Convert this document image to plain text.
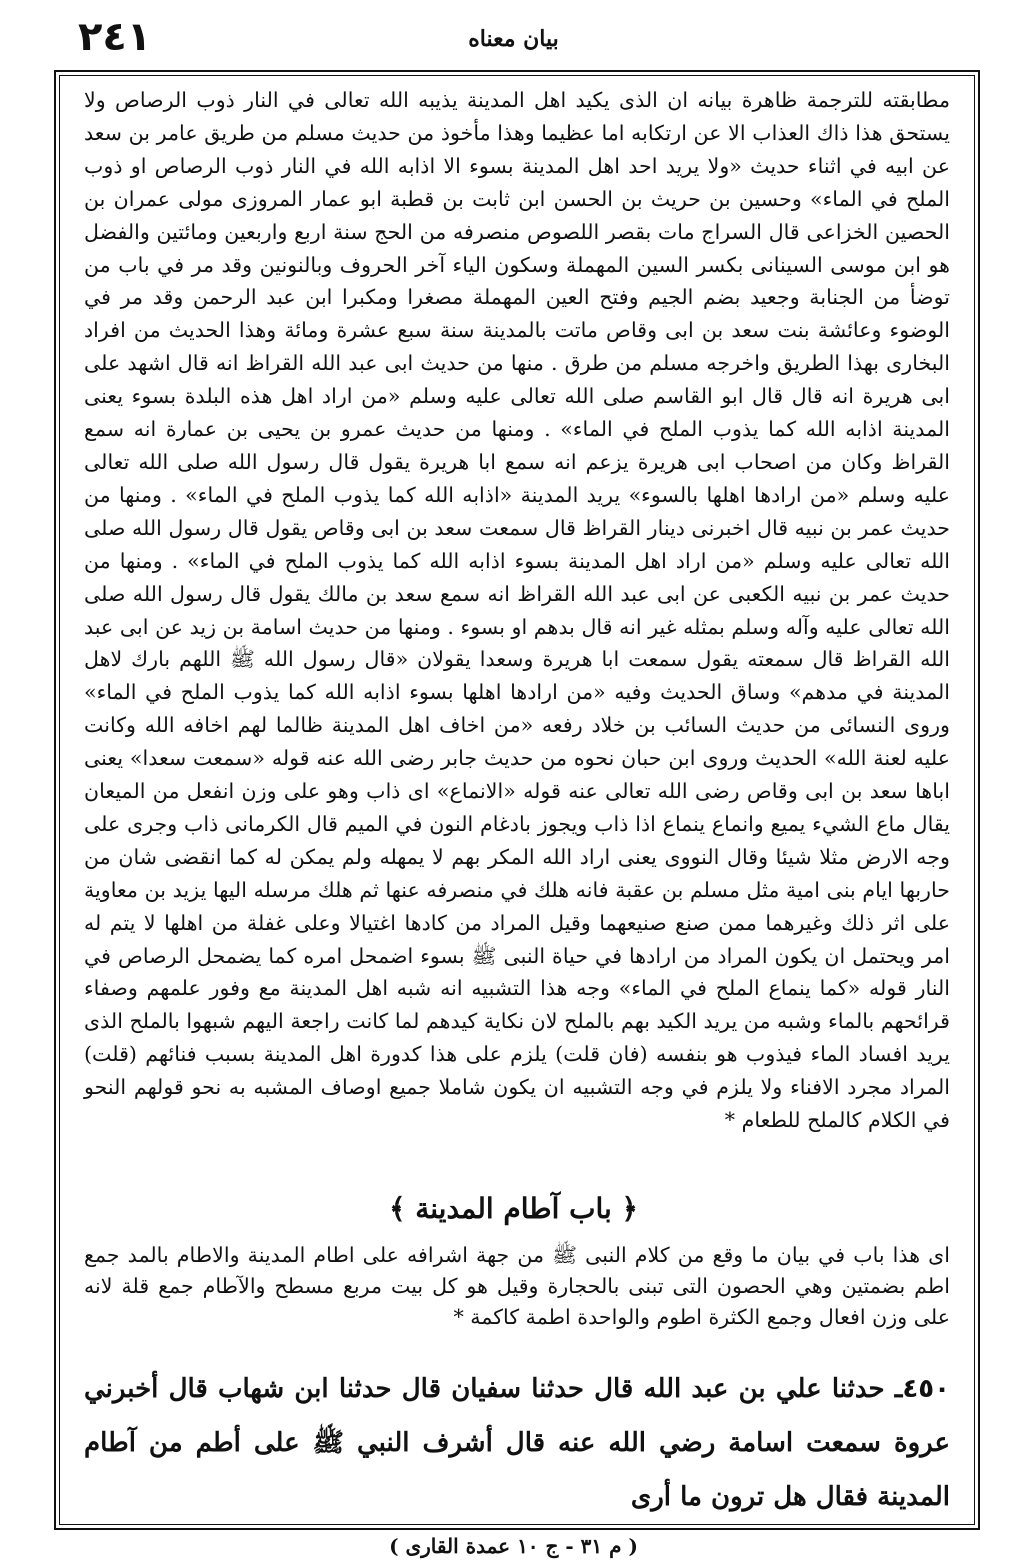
٢٤١	بيان معناه

مطابقته للترجمة ظاهرة بيانه ان الذى يكيد اهل المدينة يذيبه الله تعالى في النار ذوب الرصاص ولا يستحق هذا ذاك العذاب الا عن ارتكابه اما عظيما وهذا مأخوذ من حديث مسلم من طريق عامر بن سعد عن ابيه في اثناء حديث «ولا يريد احد اهل المدينة بسوء الا اذابه الله في النار ذوب الرصاص او ذوب الملح في الماء» وحسين بن حريث بن الحسن ابن ثابت بن قطبة ابو عمار المروزى مولى عمران بن الحصين الخزاعى قال السراج مات بقصر اللصوص منصرفه من الحج سنة اربع واربعين ومائتين والفضل هو ابن موسى السينانى بكسر السين المهملة وسكون الياء آخر الحروف وبالنونين وقد مر في باب من توضأ من الجنابة وجعيد بضم الجيم وفتح العين المهملة مصغرا ومكبرا ابن عبد الرحمن وقد مر في الوضوء وعائشة بنت سعد بن ابى وقاص ماتت بالمدينة سنة سبع عشرة ومائة وهذا الحديث من افراد البخارى بهذا الطريق واخرجه مسلم من طرق . منها من حديث ابى عبد الله القراظ انه قال اشهد على ابى هريرة انه قال قال ابو القاسم صلى الله تعالى عليه وسلم «من اراد اهل هذه البلدة بسوء يعنى المدينة اذابه الله كما يذوب الملح في الماء» . ومنها من حديث عمرو بن يحيى بن عمارة انه سمع القراظ وكان من اصحاب ابى هريرة يزعم انه سمع ابا هريرة يقول قال رسول الله صلى الله تعالى عليه وسلم «من ارادها اهلها بالسوء» يريد المدينة «اذابه الله كما يذوب الملح في الماء» . ومنها من حديث عمر بن نبيه قال اخبرنى دينار القراظ قال سمعت سعد بن ابى وقاص يقول قال رسول الله صلى الله تعالى عليه وسلم «من اراد اهل المدينة بسوء اذابه الله كما يذوب الملح في الماء» . ومنها من حديث عمر بن نبيه الكعبى عن ابى عبد الله القراظ انه سمع سعد بن مالك يقول قال رسول الله صلى الله تعالى عليه وآله وسلم بمثله غير انه قال بدهم او بسوء . ومنها من حديث اسامة بن زيد عن ابى عبد الله القراظ قال سمعته يقول سمعت ابا هريرة وسعدا يقولان «قال رسول الله ﷺ اللهم بارك لاهل المدينة في مدهم» وساق الحديث وفيه «من ارادها اهلها بسوء اذابه الله كما يذوب الملح في الماء» وروى النسائى من حديث السائب بن خلاد رفعه «من اخاف اهل المدينة ظالما لهم اخافه الله وكانت عليه لعنة الله» الحديث وروى ابن حبان نحوه من حديث جابر رضى الله عنه قوله «سمعت سعدا» يعنى اباها سعد بن ابى وقاص رضى الله تعالى عنه قوله «الانماع» اى ذاب وهو على وزن انفعل من الميعان يقال ماع الشيء يميع وانماع ينماع اذا ذاب ويجوز بادغام النون في الميم قال الكرمانى ذاب وجرى على وجه الارض مثلا شيئا وقال النووى يعنى اراد الله المكر بهم لا يمهله ولم يمكن له كما انقضى شان من حاربها ايام بنى امية مثل مسلم بن عقبة فانه هلك في منصرفه عنها ثم هلك مرسله اليها يزيد بن معاوية على اثر ذلك وغيرهما ممن صنع صنيعهما وقيل المراد من كادها اغتيالا وعلى غفلة من اهلها لا يتم له امر ويحتمل ان يكون المراد من ارادها في حياة النبى ﷺ بسوء اضمحل امره كما يضمحل الرصاص في النار قوله «كما ينماع الملح في الماء» وجه هذا التشبيه انه شبه اهل المدينة مع وفور علمهم وصفاء قرائحهم بالماء وشبه من يريد الكيد بهم بالملح لان نكاية كيدهم لما كانت راجعة اليهم شبهوا بالملح الذى يريد افساد الماء فيذوب هو بنفسه (فان قلت) يلزم على هذا كدورة اهل المدينة بسبب فنائهم (قلت) المراد مجرد الافناء ولا يلزم في وجه التشبيه ان يكون شاملا جميع اوصاف المشبه به نحو قولهم النحو في الكلام كالملح للطعام *

﴿ باب آطام المدينة ﴾

اى هذا باب في بيان ما وقع من كلام النبى ﷺ من جهة اشرافه على اطام المدينة والاطام بالمد جمع اطم بضمتين وهي الحصون التى تبنى بالحجارة وقيل هو كل بيت مربع مسطح والآطام جمع قلة لانه على وزن افعال وجمع الكثرة اطوم والواحدة اطمة كاكمة *

٤٥٠ـ حدثنا علي بن عبد الله قال حدثنا سفيان قال حدثنا ابن شهاب قال أخبرني عروة سمعت اسامة رضي الله عنه قال أشرف النبي ﷺ على أطم من آطام المدينة فقال هل ترون ما أرى

( م ٣١ - ج ١٠ عمدة القارى )
